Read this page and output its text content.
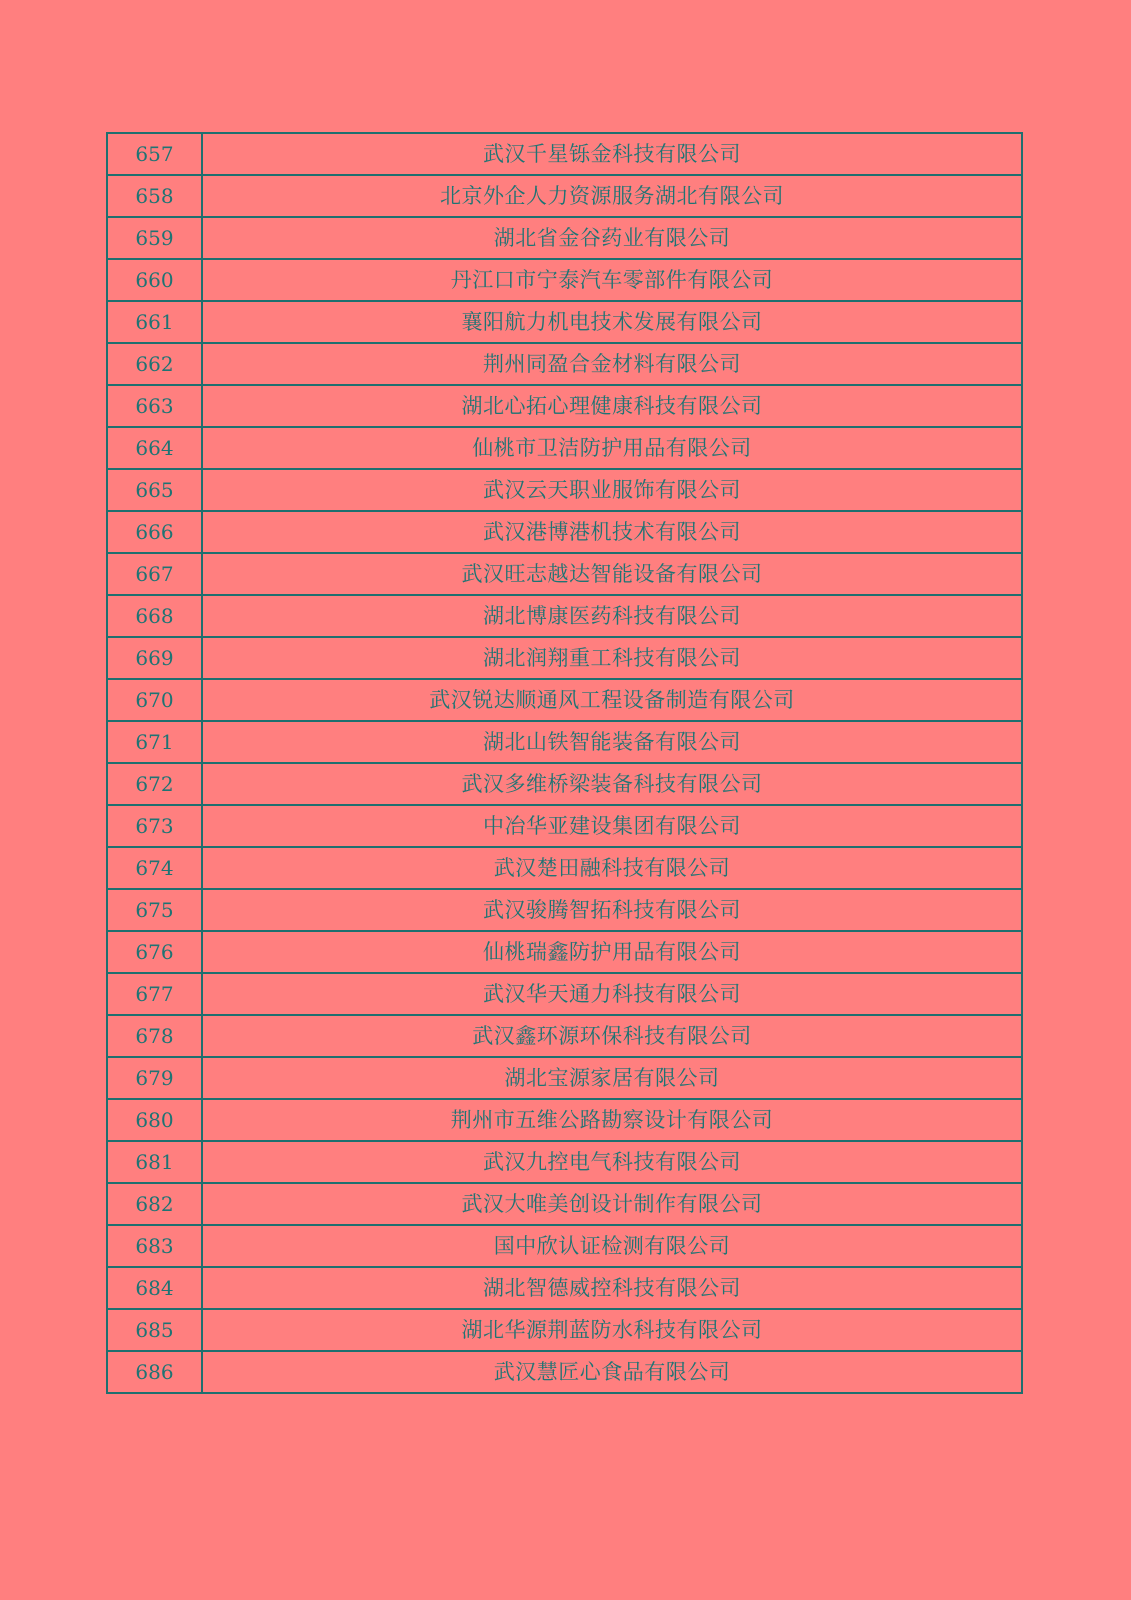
657	武汉千星铄金科技有限公司
658	北京外企人力资源服务湖北有限公司
659	湖北省金谷药业有限公司
660	丹江口市宁泰汽车零部件有限公司
661	襄阳航力机电技术发展有限公司
662	荆州同盈合金材料有限公司
663	湖北心拓心理健康科技有限公司
664	仙桃市卫洁防护用品有限公司
665	武汉云天职业服饰有限公司
666	武汉港博港机技术有限公司
667	武汉旺志越达智能设备有限公司
668	湖北博康医药科技有限公司
669	湖北润翔重工科技有限公司
670	武汉锐达顺通风工程设备制造有限公司
671	湖北山铁智能装备有限公司
672	武汉多维桥梁装备科技有限公司
673	中冶华亚建设集团有限公司
674	武汉楚田融科技有限公司
675	武汉骏腾智拓科技有限公司
676	仙桃瑞鑫防护用品有限公司
677	武汉华天通力科技有限公司
678	武汉鑫环源环保科技有限公司
679	湖北宝源家居有限公司
680	荆州市五维公路勘察设计有限公司
681	武汉九控电气科技有限公司
682	武汉大唯美创设计制作有限公司
683	国中欣认证检测有限公司
684	湖北智德威控科技有限公司
685	湖北华源荆蓝防水科技有限公司
686	武汉慧匠心食品有限公司
